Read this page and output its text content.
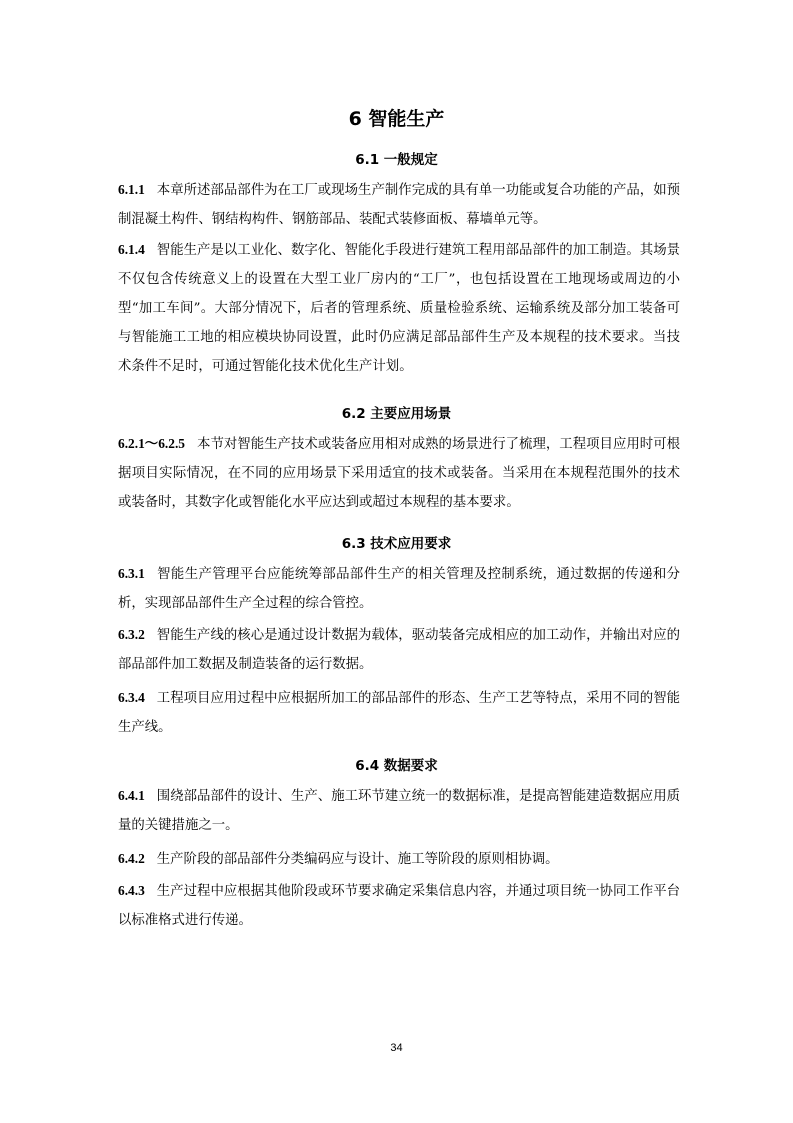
6 智能生产
6.1 一般规定

6.1.1 本章所述部品部件为在工厂或现场生产制作完成的具有单一功能或复合功能的产品，如预制混凝土构件、钢结构构件、钢筋部品、装配式装修面板、幕墙单元等。

6.1.4 智能生产是以工业化、数字化、智能化手段进行建筑工程用部品部件的加工制造。其场景不仅包含传统意义上的设置在大型工业厂房内的“工厂”，也包括设置在工地现场或周边的小型“加工车间”。大部分情况下，后者的管理系统、质量检验系统、运输系统及部分加工装备可与智能施工工地的相应模块协同设置，此时仍应满足部品部件生产及本规程的技术要求。当技术条件不足时，可通过智能化技术优化生产计划。

6.2 主要应用场景

6.2.1～6.2.5 本节对智能生产技术或装备应用相对成熟的场景进行了梳理，工程项目应用时可根据项目实际情况，在不同的应用场景下采用适宜的技术或装备。当采用在本规程范围外的技术或装备时，其数字化或智能化水平应达到或超过本规程的基本要求。

6.3 技术应用要求

6.3.1 智能生产管理平台应能统筹部品部件生产的相关管理及控制系统，通过数据的传递和分析，实现部品部件生产全过程的综合管控。

6.3.2 智能生产线的核心是通过设计数据为载体，驱动装备完成相应的加工动作，并输出对应的部品部件加工数据及制造装备的运行数据。

6.3.4 工程项目应用过程中应根据所加工的部品部件的形态、生产工艺等特点，采用不同的智能生产线。

6.4 数据要求

6.4.1 围绕部品部件的设计、生产、施工环节建立统一的数据标准，是提高智能建造数据应用质量的关键措施之一。

6.4.2 生产阶段的部品部件分类编码应与设计、施工等阶段的原则相协调。

6.4.3 生产过程中应根据其他阶段或环节要求确定采集信息内容，并通过项目统一协同工作平台以标准格式进行传递。

34
